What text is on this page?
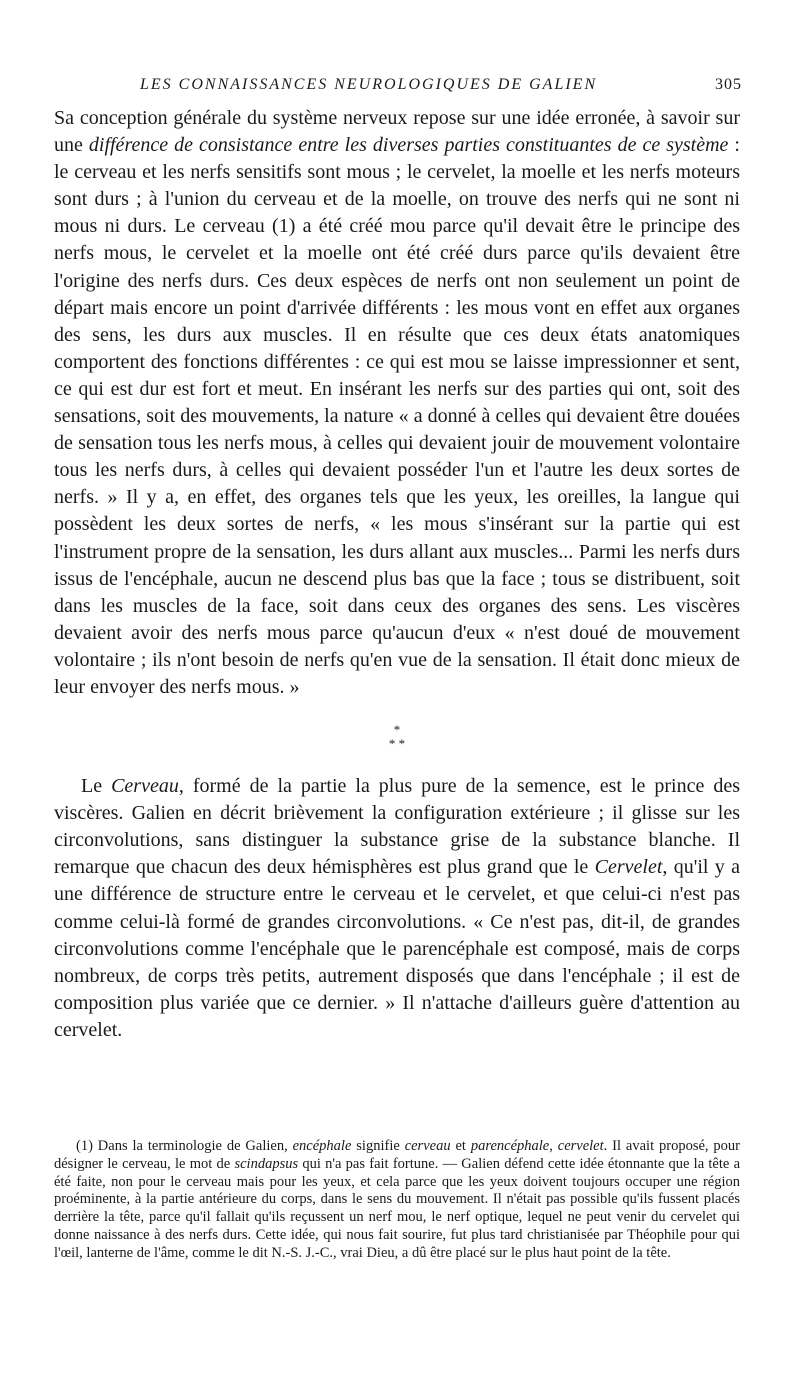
LES CONNAISSANCES NEUROLOGIQUES DE GALIEN	305

Sa conception générale du système nerveux repose sur une idée erronée, à savoir sur une différence de consistance entre les diverses parties constituantes de ce système : le cerveau et les nerfs sensitifs sont mous ; le cervelet, la moelle et les nerfs moteurs sont durs ; à l'union du cerveau et de la moelle, on trouve des nerfs qui ne sont ni mous ni durs. Le cerveau (1) a été créé mou parce qu'il devait être le principe des nerfs mous, le cervelet et la moelle ont été créé durs parce qu'ils devaient être l'origine des nerfs durs. Ces deux espèces de nerfs ont non seulement un point de départ mais encore un point d'arrivée différents : les mous vont en effet aux organes des sens, les durs aux muscles. Il en résulte que ces deux états anatomiques comportent des fonctions différentes : ce qui est mou se laisse impressionner et sent, ce qui est dur est fort et meut. En insérant les nerfs sur des parties qui ont, soit des sensations, soit des mouvements, la nature « a donné à celles qui devaient être douées de sensation tous les nerfs mous, à celles qui devaient jouir de mouvement volontaire tous les nerfs durs, à celles qui devaient posséder l'un et l'autre les deux sortes de nerfs. » Il y a, en effet, des organes tels que les yeux, les oreilles, la langue qui possèdent les deux sortes de nerfs, « les mous s'insérant sur la partie qui est l'instrument propre de la sensation, les durs allant aux muscles... Parmi les nerfs durs issus de l'encéphale, aucun ne descend plus bas que la face ; tous se distribuent, soit dans les muscles de la face, soit dans ceux des organes des sens. Les viscères devaient avoir des nerfs mous parce qu'aucun d'eux « n'est doué de mouvement volontaire ; ils n'ont besoin de nerfs qu'en vue de la sensation. Il était donc mieux de leur envoyer des nerfs mous. »

*
* *

Le Cerveau, formé de la partie la plus pure de la semence, est le prince des viscères. Galien en décrit brièvement la configuration extérieure ; il glisse sur les circonvolutions, sans distinguer la substance grise de la substance blanche. Il remarque que chacun des deux hémisphères est plus grand que le Cervelet, qu'il y a une différence de structure entre le cerveau et le cervelet, et que celui-ci n'est pas comme celui-là formé de grandes circonvolutions. « Ce n'est pas, dit-il, de grandes circonvolutions comme l'encéphale que le parencéphale est composé, mais de corps nombreux, de corps très petits, autrement disposés que dans l'encéphale ; il est de composition plus variée que ce dernier. » Il n'attache d'ailleurs guère d'attention au cervelet.

(1) Dans la terminologie de Galien, encéphale signifie cerveau et parencéphale, cervelet. Il avait proposé, pour désigner le cerveau, le mot de scindapsus qui n'a pas fait fortune. — Galien défend cette idée étonnante que la tête a été faite, non pour le cerveau mais pour les yeux, et cela parce que les yeux doivent toujours occuper une région proéminente, à la partie antérieure du corps, dans le sens du mouvement. Il n'était pas possible qu'ils fussent placés derrière la tête, parce qu'il fallait qu'ils reçussent un nerf mou, le nerf optique, lequel ne peut venir du cervelet qui donne naissance à des nerfs durs. Cette idée, qui nous fait sourire, fut plus tard christianisée par Théophile pour qui l'œil, lanterne de l'âme, comme le dit N.-S. J.-C., vrai Dieu, a dû être placé sur le plus haut point de la tête.
